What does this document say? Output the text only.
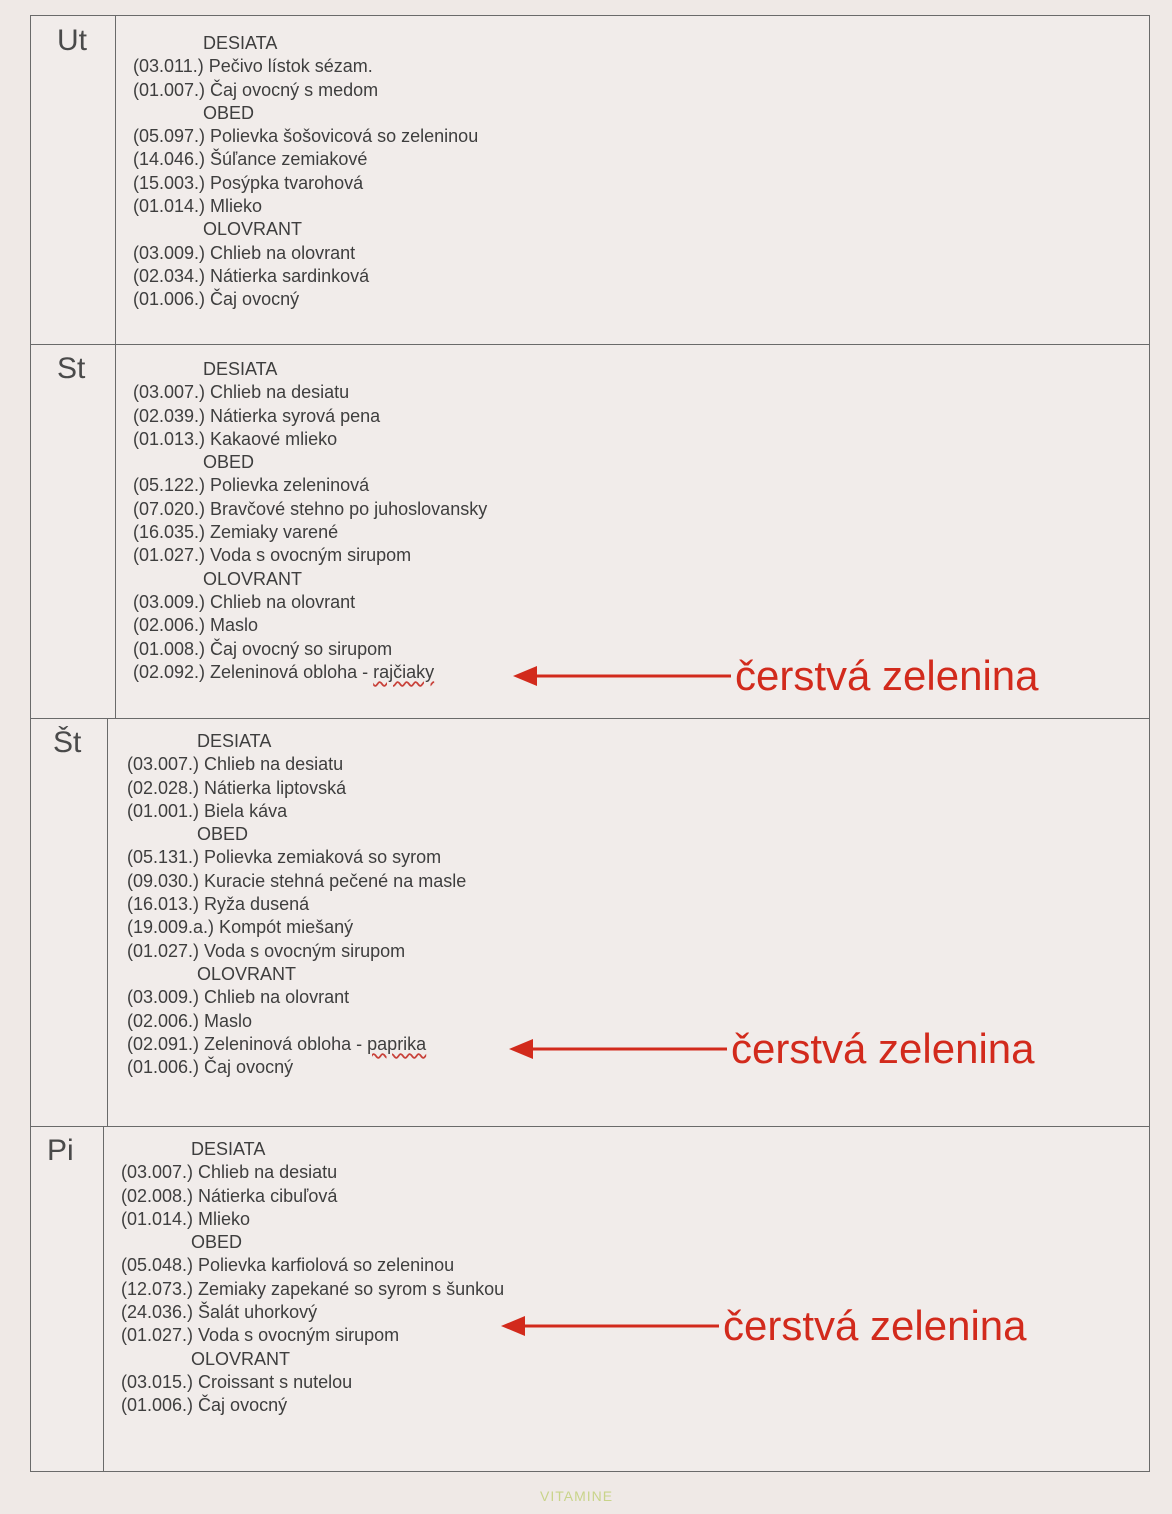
Ut	DESIATA
(03.011.) Pečivo lístok sézam.
(01.007.) Čaj ovocný s medom
OBED
(05.097.) Polievka šošovicová so zeleninou
(14.046.) Šúľance zemiakové
(15.003.) Posýpka tvarohová
(01.014.) Mlieko
OLOVRANT
(03.009.) Chlieb na olovrant
(02.034.) Nátierka sardinková
(01.006.) Čaj ovocný
St	DESIATA
(03.007.) Chlieb na desiatu
(02.039.) Nátierka syrová pena
(01.013.) Kakaové mlieko
OBED
(05.122.) Polievka zeleninová
(07.020.) Bravčové stehno po juhoslovansky
(16.035.) Zemiaky varené
(01.027.) Voda s ovocným sirupom
OLOVRANT
(03.009.) Chlieb na olovrant
(02.006.) Maslo
(01.008.) Čaj ovocný so sirupom
(02.092.) Zeleninová obloha - rajčiaky	čerstvá zelenina
Št	DESIATA
(03.007.) Chlieb na desiatu
(02.028.) Nátierka liptovská
(01.001.) Biela káva
OBED
(05.131.) Polievka zemiaková so syrom
(09.030.) Kuracie stehná pečené na masle
(16.013.) Ryža dusená
(19.009.a.) Kompót miešaný
(01.027.) Voda s ovocným sirupom
OLOVRANT
(03.009.) Chlieb na olovrant
(02.006.) Maslo
(02.091.) Zeleninová obloha - paprika
(01.006.) Čaj ovocný	čerstvá zelenina
Pi	DESIATA
(03.007.) Chlieb na desiatu
(02.008.) Nátierka cibuľová
(01.014.) Mlieko
OBED
(05.048.) Polievka karfiolová so zeleninou
(12.073.) Zemiaky zapekané so syrom s šunkou
(24.036.) Šalát uhorkový
(01.027.) Voda s ovocným sirupom
OLOVRANT
(03.015.) Croissant s nutelou
(01.006.) Čaj ovocný
čerstvá zelenina
VITAMINE
